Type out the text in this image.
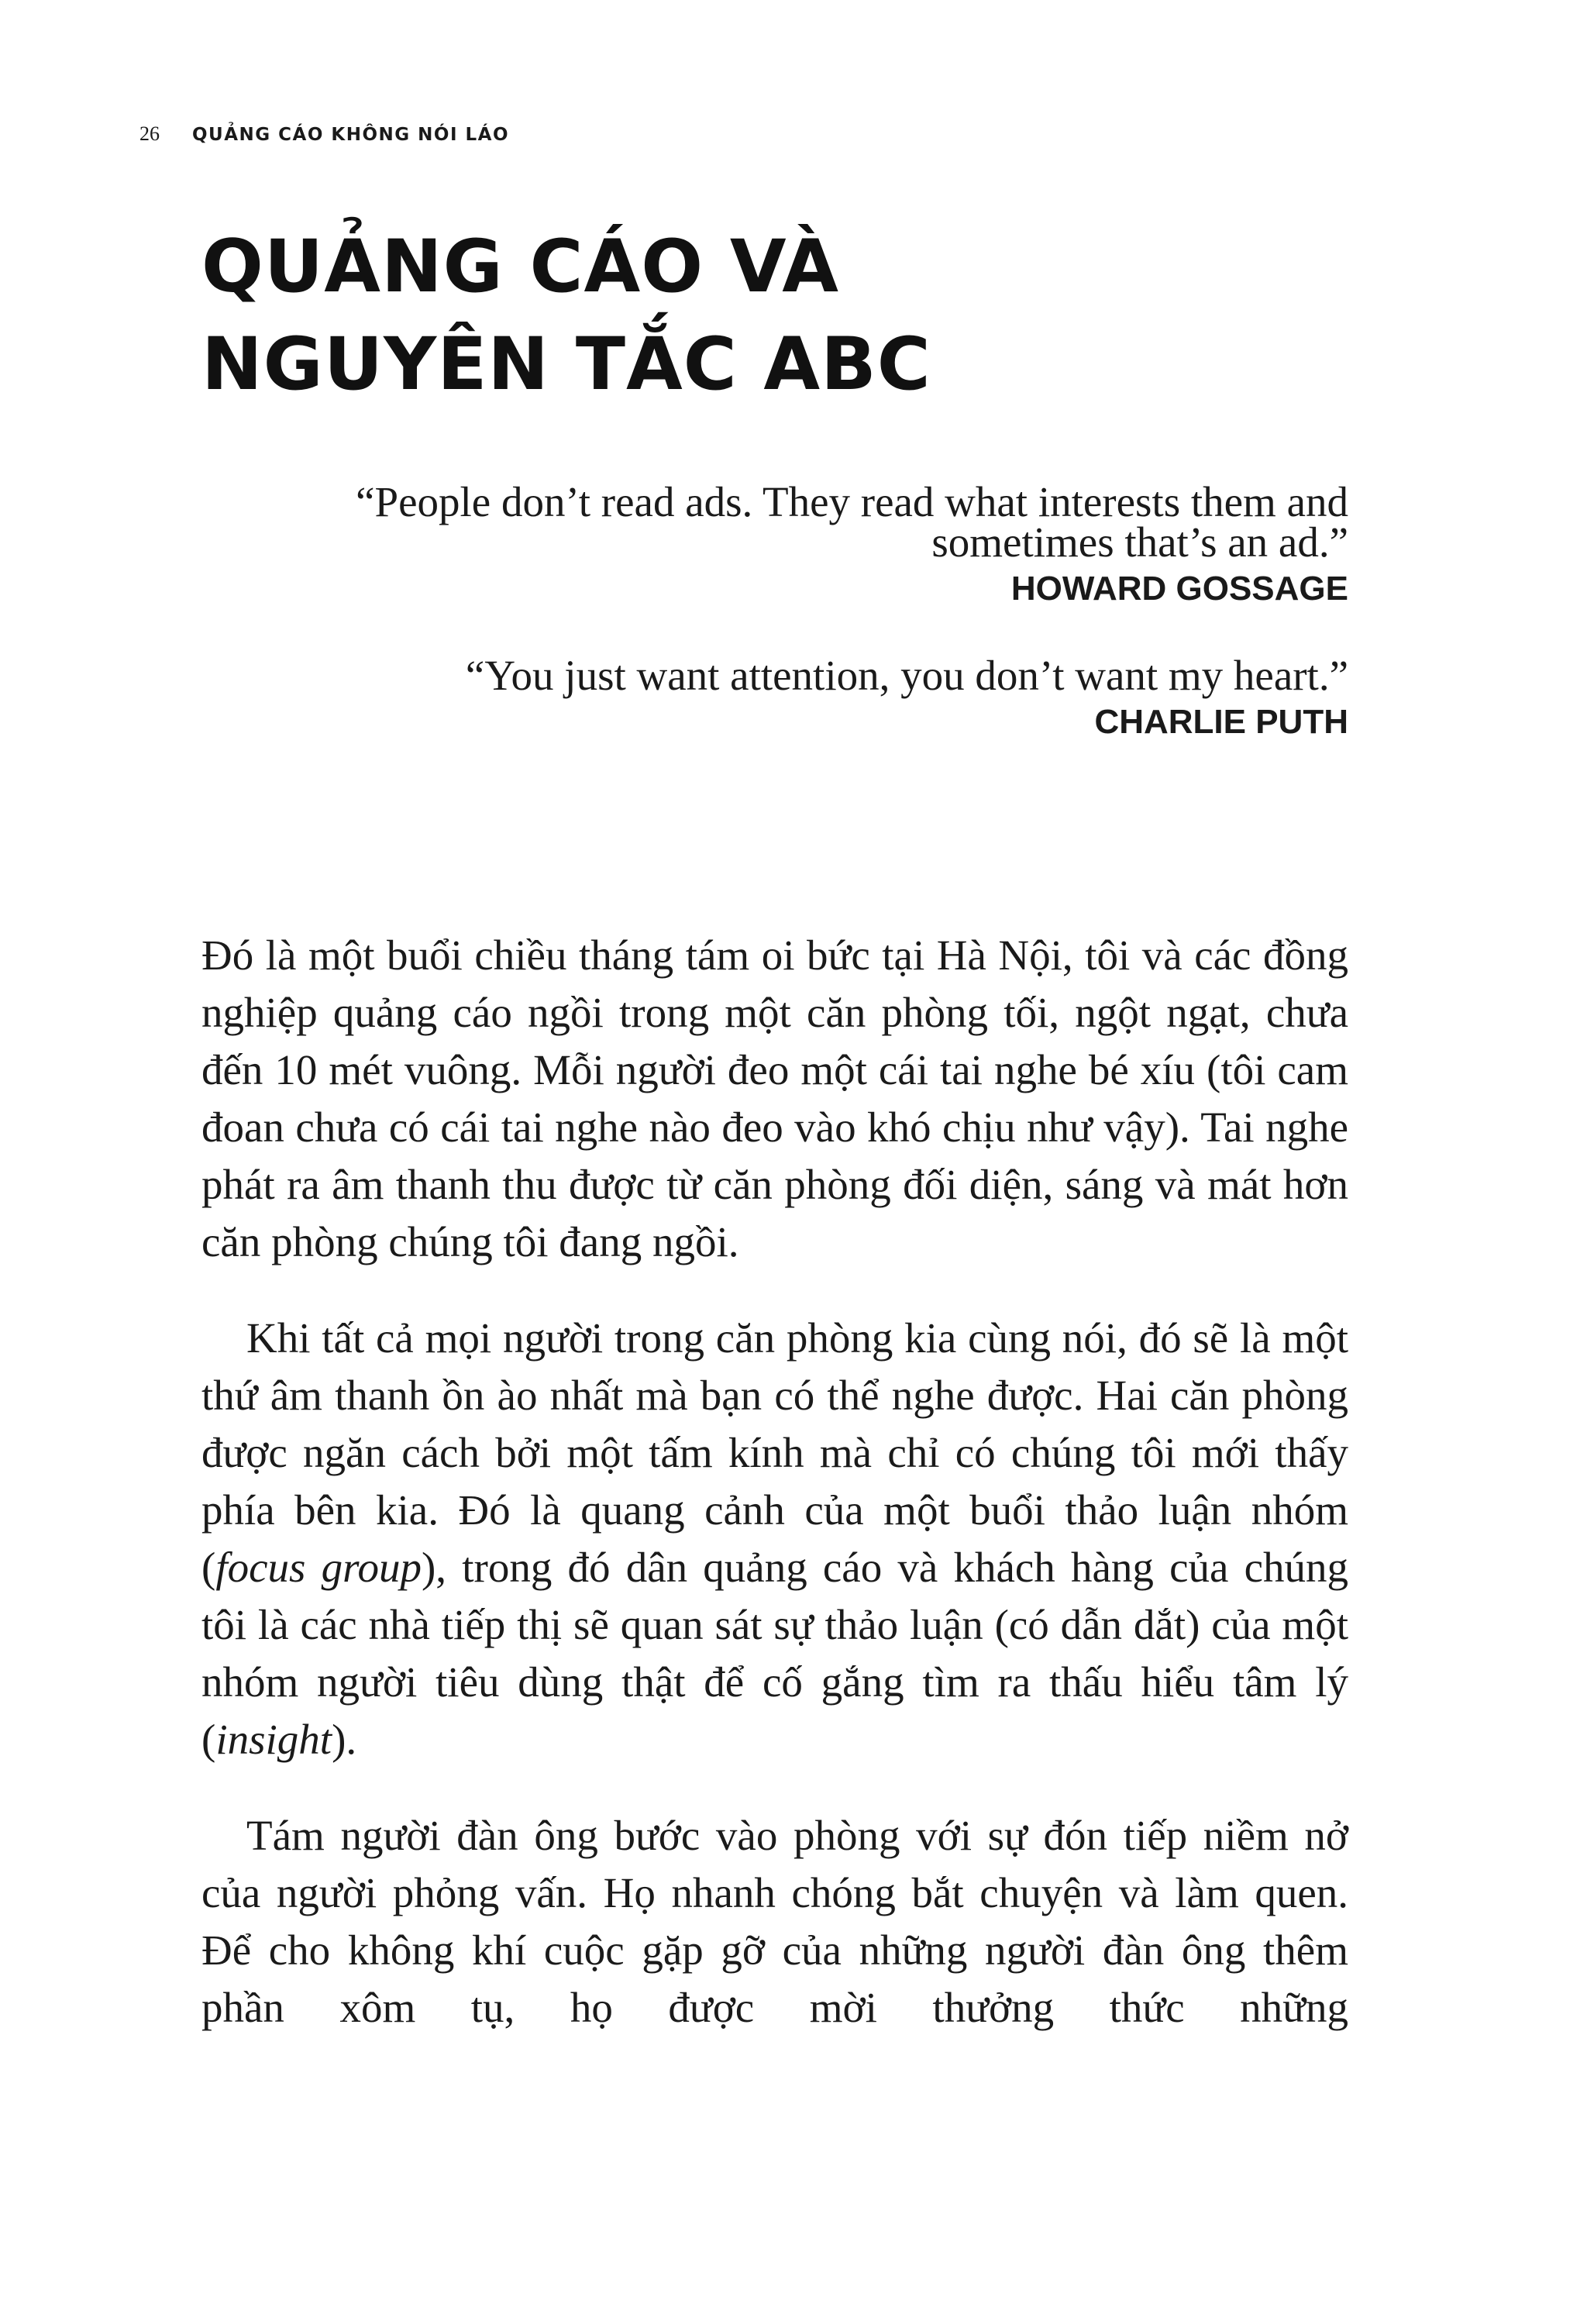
26 QUẢNG CÁO KHÔNG NÓI LÁO
QUẢNG CÁO VÀ
NGUYÊN TẮC ABC

“People don’t read ads. They read what interests them and
sometimes that’s an ad.”

HOWARD GOSSAGE

“You just want attention, you don’t want my heart.”

CHARLIE PUTH

Đó là một buổi chiều tháng tám oi bức tại Hà Nội, tôi và các đồng nghiệp quảng cáo ngồi trong một căn phòng tối, ngột ngạt, chưa đến 10 mét vuông. Mỗi người đeo một cái tai nghe bé xíu (tôi cam đoan chưa có cái tai nghe nào đeo vào khó chịu như vậy). Tai nghe phát ra âm thanh thu được từ căn phòng đối diện, sáng và mát hơn căn phòng chúng tôi đang ngồi.

Khi tất cả mọi người trong căn phòng kia cùng nói, đó sẽ là một thứ âm thanh ồn ào nhất mà bạn có thể nghe được. Hai căn phòng được ngăn cách bởi một tấm kính mà chỉ có chúng tôi mới thấy phía bên kia. Đó là quang cảnh của một buổi thảo luận nhóm (focus group), trong đó dân quảng cáo và khách hàng của chúng tôi là các nhà tiếp thị sẽ quan sát sự thảo luận (có dẫn dắt) của một nhóm người tiêu dùng thật để cố gắng tìm ra thấu hiểu tâm lý (insight).

Tám người đàn ông bước vào phòng với sự đón tiếp niềm nở của người phỏng vấn. Họ nhanh chóng bắt chuyện và làm quen. Để cho không khí cuộc gặp gỡ của những người đàn ông thêm phần xôm tụ, họ được mời thưởng thức những
